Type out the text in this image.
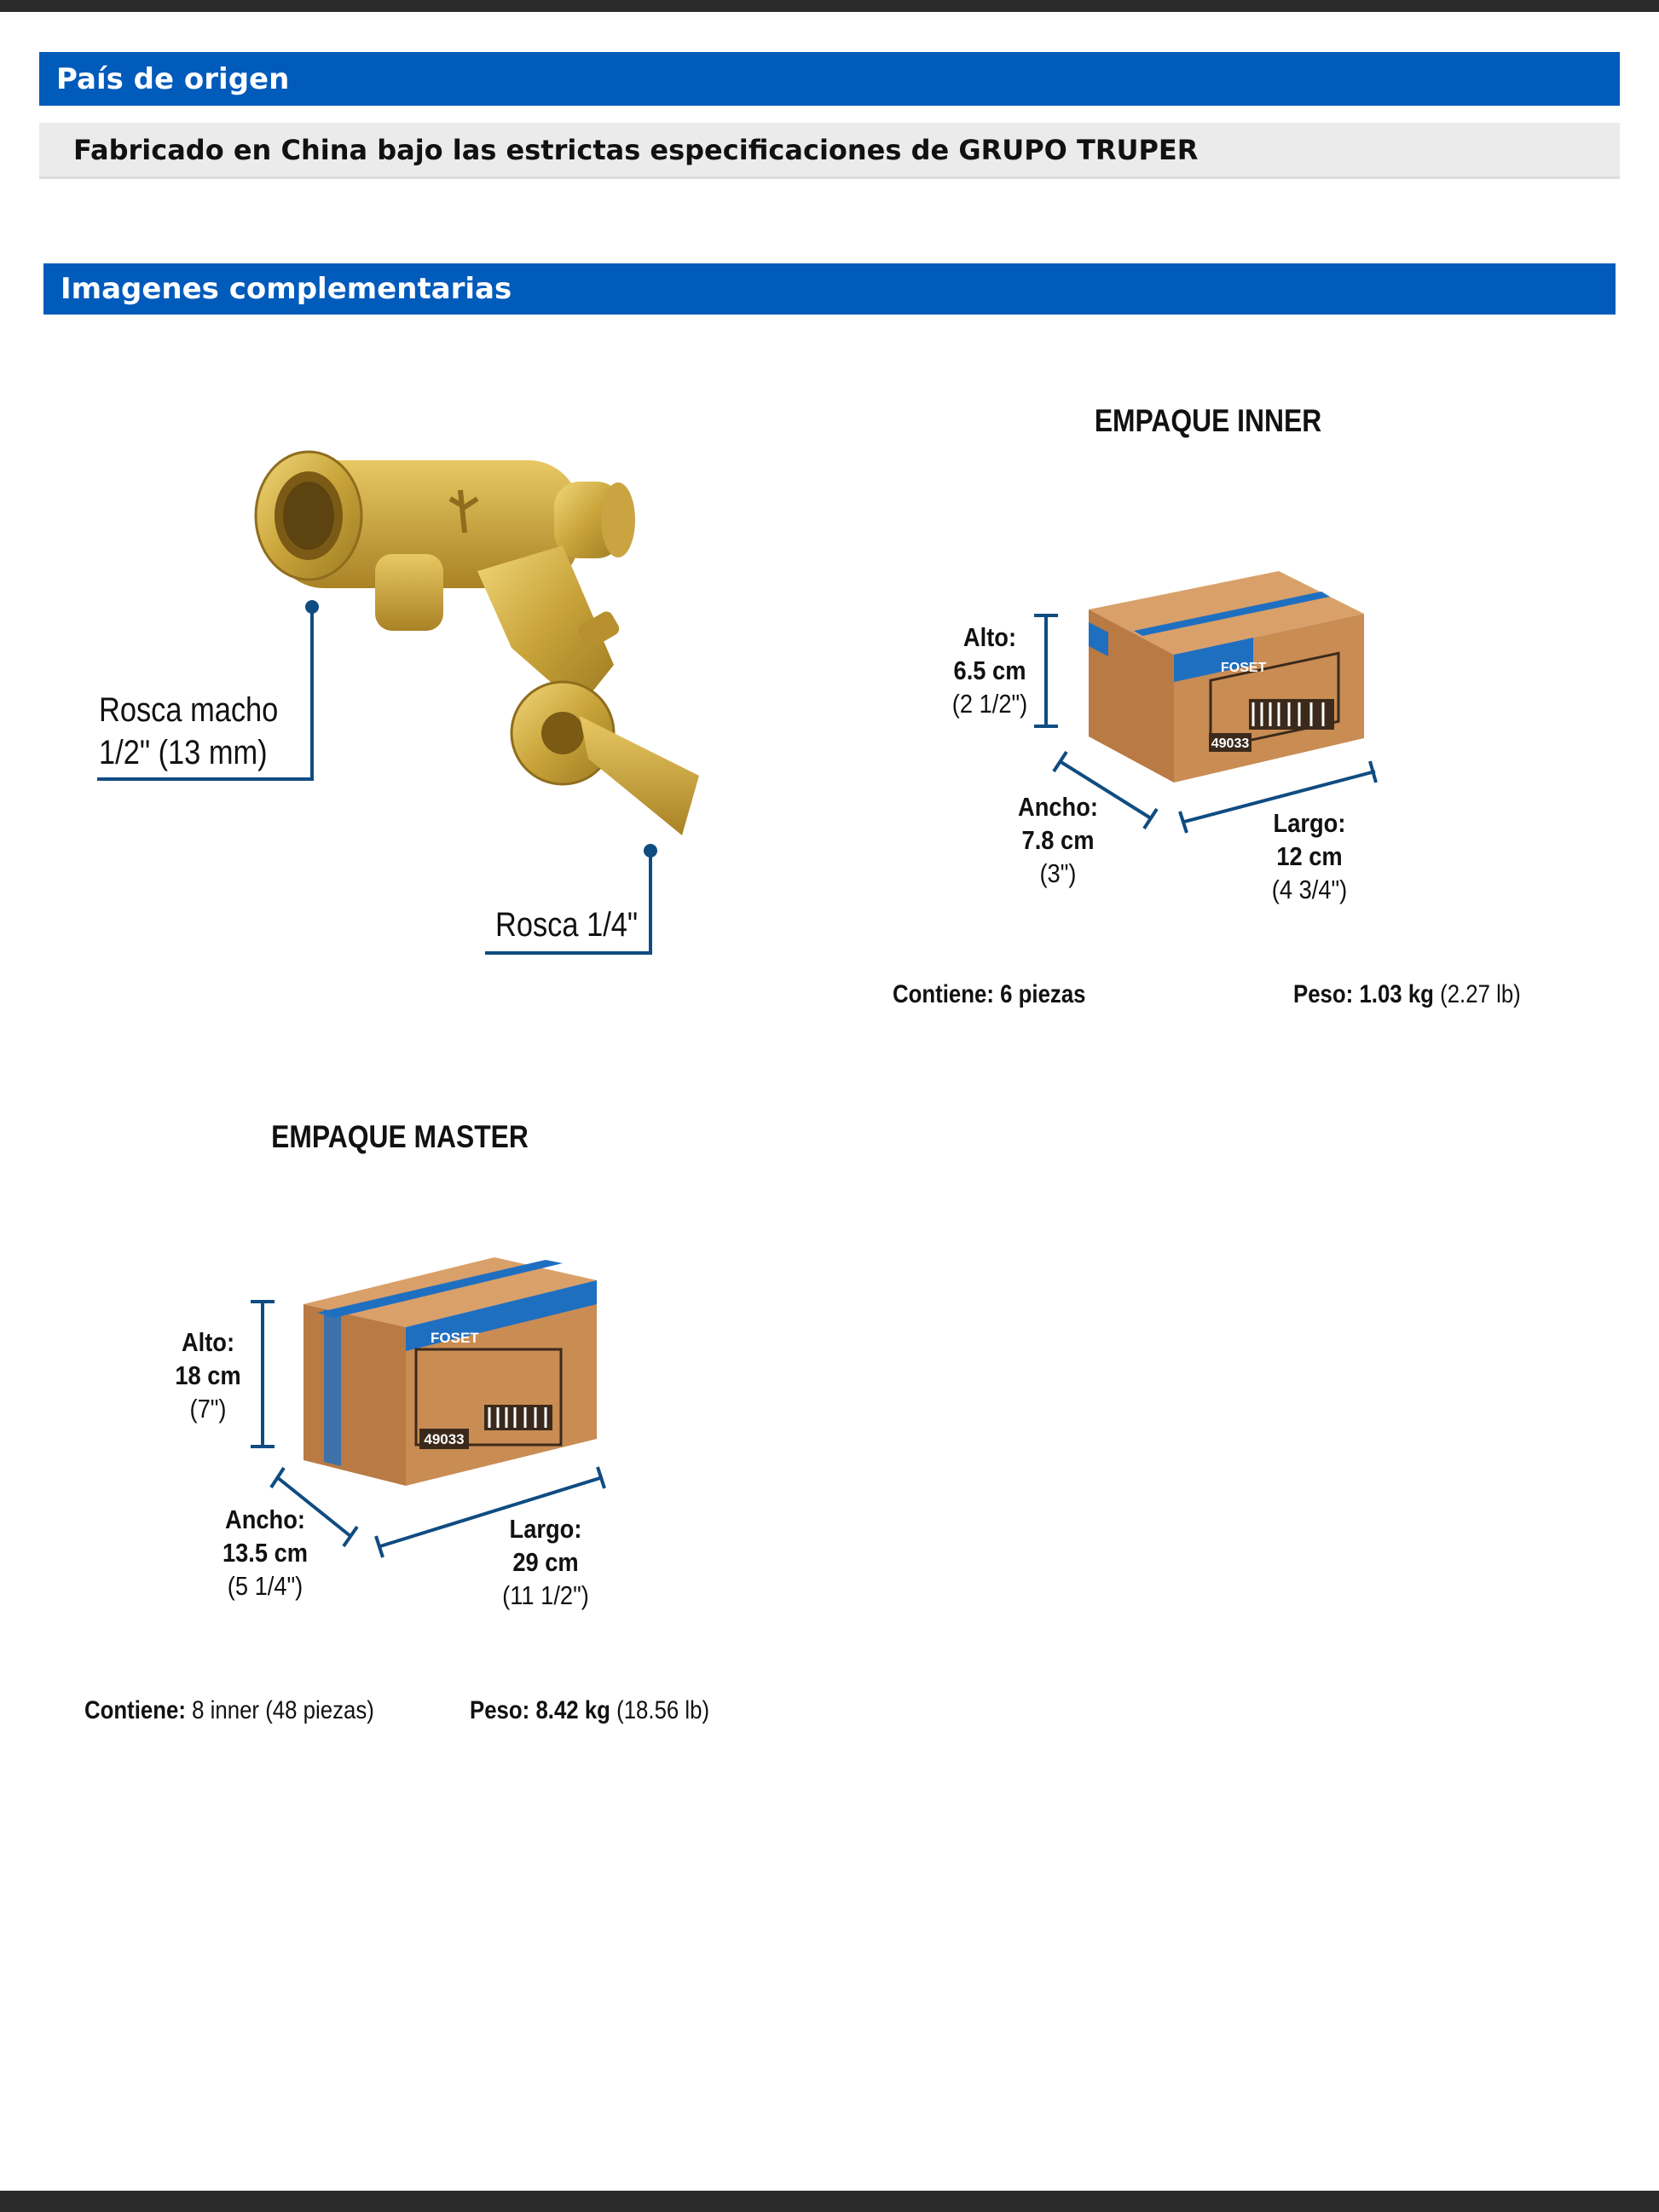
País de origen
Fabricado en China bajo las estrictas especificaciones de GRUPO TRUPER
Imagenes complementarias
49033
FOSET
49033
FOSET
Rosca macho
1/2" (13 mm)
Rosca 1/4"
EMPAQUE INNER
Alto:
6.5 cm
(2 1/2")
Ancho:
7.8 cm
(3")
Largo:
12 cm
(4 3/4")
Contiene: 6 piezas	Peso: 1.03 kg (2.27 lb)
EMPAQUE MASTER
Alto:
18 cm
(7")
Ancho:
13.5 cm
(5 1/4")
Largo:
29 cm
(11 1/2")
Contiene: 8 inner (48 piezas)	Peso: 8.42 kg (18.56 lb)
